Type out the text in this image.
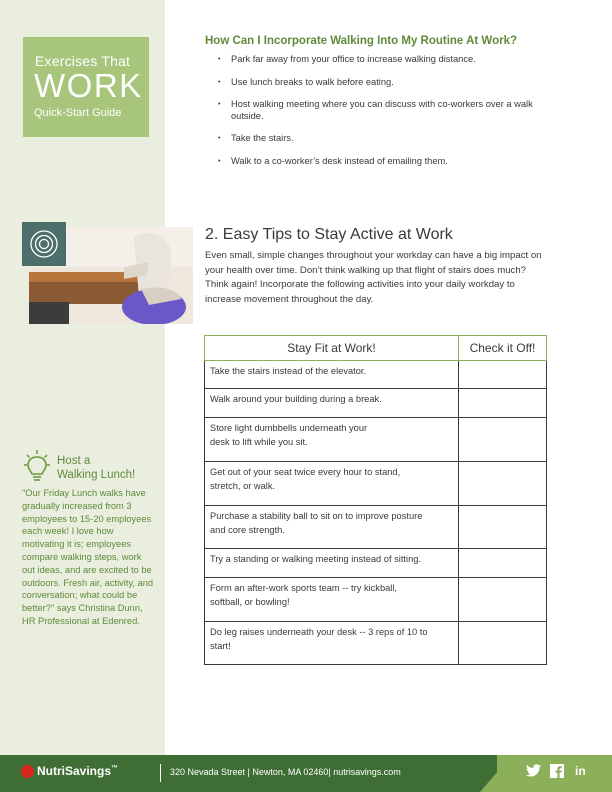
Exercises That
WORK
Quick-Start Guide
How Can I Incorporate Walking Into My Routine At Work?
• Park far away from your office to increase walking distance.
• Use lunch breaks to walk before eating.
• Host walking meeting where you can discuss with co-workers over a walk outside.
• Take the stairs.
• Walk to a co-worker’s desk instead of emailing them.
2. Easy Tips to Stay Active at Work

Even small, simple changes throughout your workday can have a big impact on your health over time. Don’t think walking up that flight of stairs does much? Think again! Incorporate the following activities into your daily workday to increase movement throughout the day.

Stay Fit at Work!	Check it Off!
Take the stairs instead of the elevator.	
Walk around your building during a break.	
Store light dumbbells underneath your desk to lift while you sit.	
Get out of your seat twice every hour to stand, stretch, or walk.	
Purchase a stability ball to sit on to improve posture and core strength.	
Try a standing or walking meeting instead of sitting.	
Form an after-work sports team -- try kickball, softball, or bowling!	
Do leg raises underneath your desk -- 3 reps of 10 to start!	
Host a
Walking Lunch!

"Our Friday Lunch walks have gradually increased from 3 employees to 15-20 employees each week! I love how motivating it is; employees compare walking steps, work out ideas, and are excited to be outdoors. Fresh air, activity, and conversation; what could be better?" says Christina Dunn, HR Professional at Edenred.

NutriSavings™	320 Nevada Street | Newton, MA 02460| nutrisavings.com	in
